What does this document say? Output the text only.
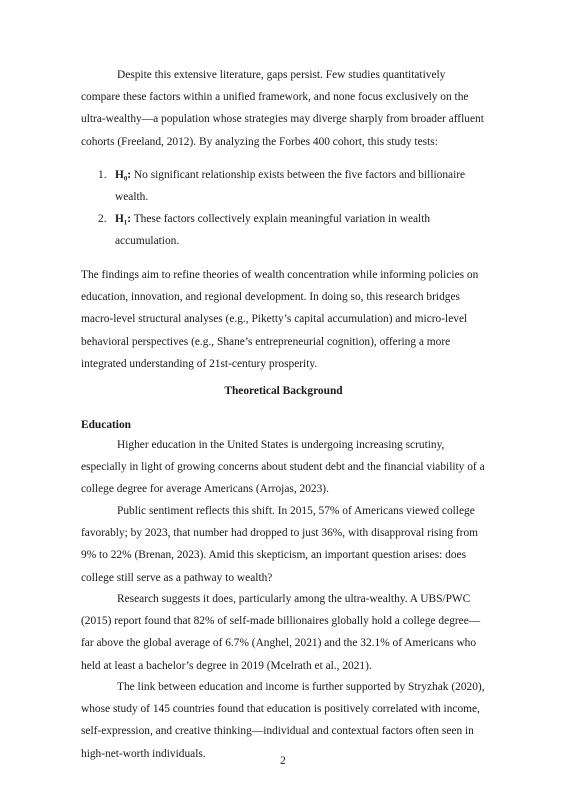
Despite this extensive literature, gaps persist. Few studies quantitatively compare these factors within a unified framework, and none focus exclusively on the ultra-wealthy—a population whose strategies may diverge sharply from broader affluent cohorts (Freeland, 2012). By analyzing the Forbes 400 cohort, this study tests:

1. H₀: No significant relationship exists between the five factors and billionaire wealth.
2. H₁: These factors collectively explain meaningful variation in wealth accumulation.

The findings aim to refine theories of wealth concentration while informing policies on education, innovation, and regional development. In doing so, this research bridges macro-level structural analyses (e.g., Piketty’s capital accumulation) and micro-level behavioral perspectives (e.g., Shane’s entrepreneurial cognition), offering a more integrated understanding of 21st-century prosperity.

Theoretical Background

Education

Higher education in the United States is undergoing increasing scrutiny, especially in light of growing concerns about student debt and the financial viability of a college degree for average Americans (Arrojas, 2023).

Public sentiment reflects this shift. In 2015, 57% of Americans viewed college favorably; by 2023, that number had dropped to just 36%, with disapproval rising from 9% to 22% (Brenan, 2023). Amid this skepticism, an important question arises: does college still serve as a pathway to wealth?

Research suggests it does, particularly among the ultra-wealthy. A UBS/PWC (2015) report found that 82% of self-made billionaires globally hold a college degree—far above the global average of 6.7% (Anghel, 2021) and the 32.1% of Americans who held at least a bachelor’s degree in 2019 (Mcelrath et al., 2021).

The link between education and income is further supported by Stryzhak (2020), whose study of 145 countries found that education is positively correlated with income, self-expression, and creative thinking—individual and contextual factors often seen in high-net-worth individuals.

2
